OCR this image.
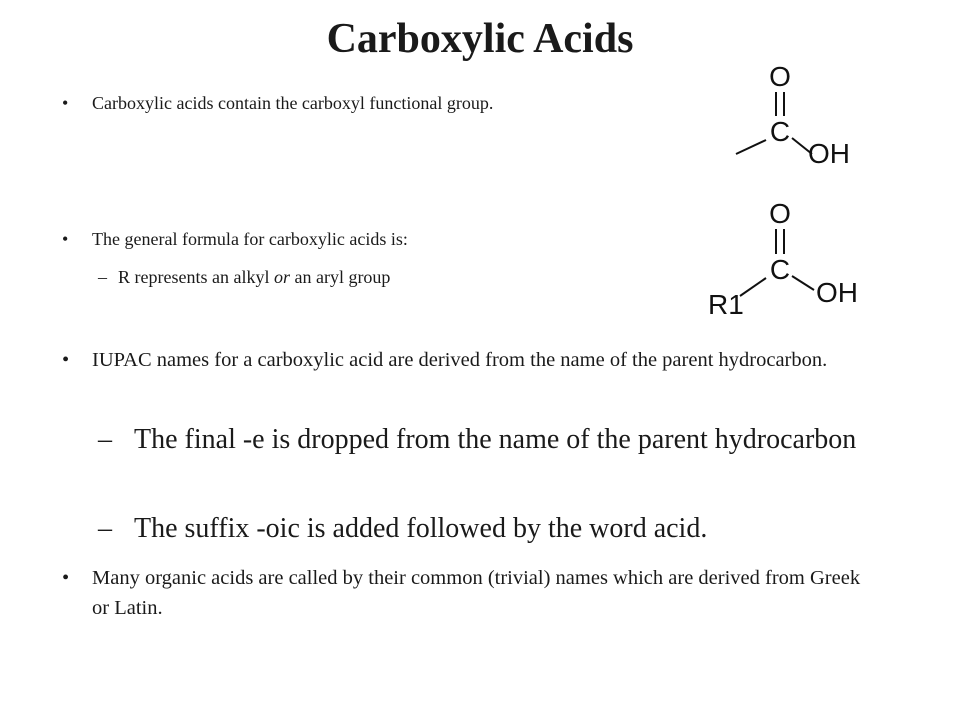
Carboxylic Acids
• Carboxylic acids contain the carboxyl functional group.
• The general formula for carboxylic acids is:
– R represents an alkyl or an aryl group
• IUPAC names for a carboxylic acid are derived from the name of the parent hydrocarbon.
– The final -e is dropped from the name of the parent hydrocarbon
– The suffix -oic is added followed by the word acid.
• Many organic acids are called by their common (trivial) names which are derived from Greek or Latin.
O
C
OH
O
C
R1	OH
